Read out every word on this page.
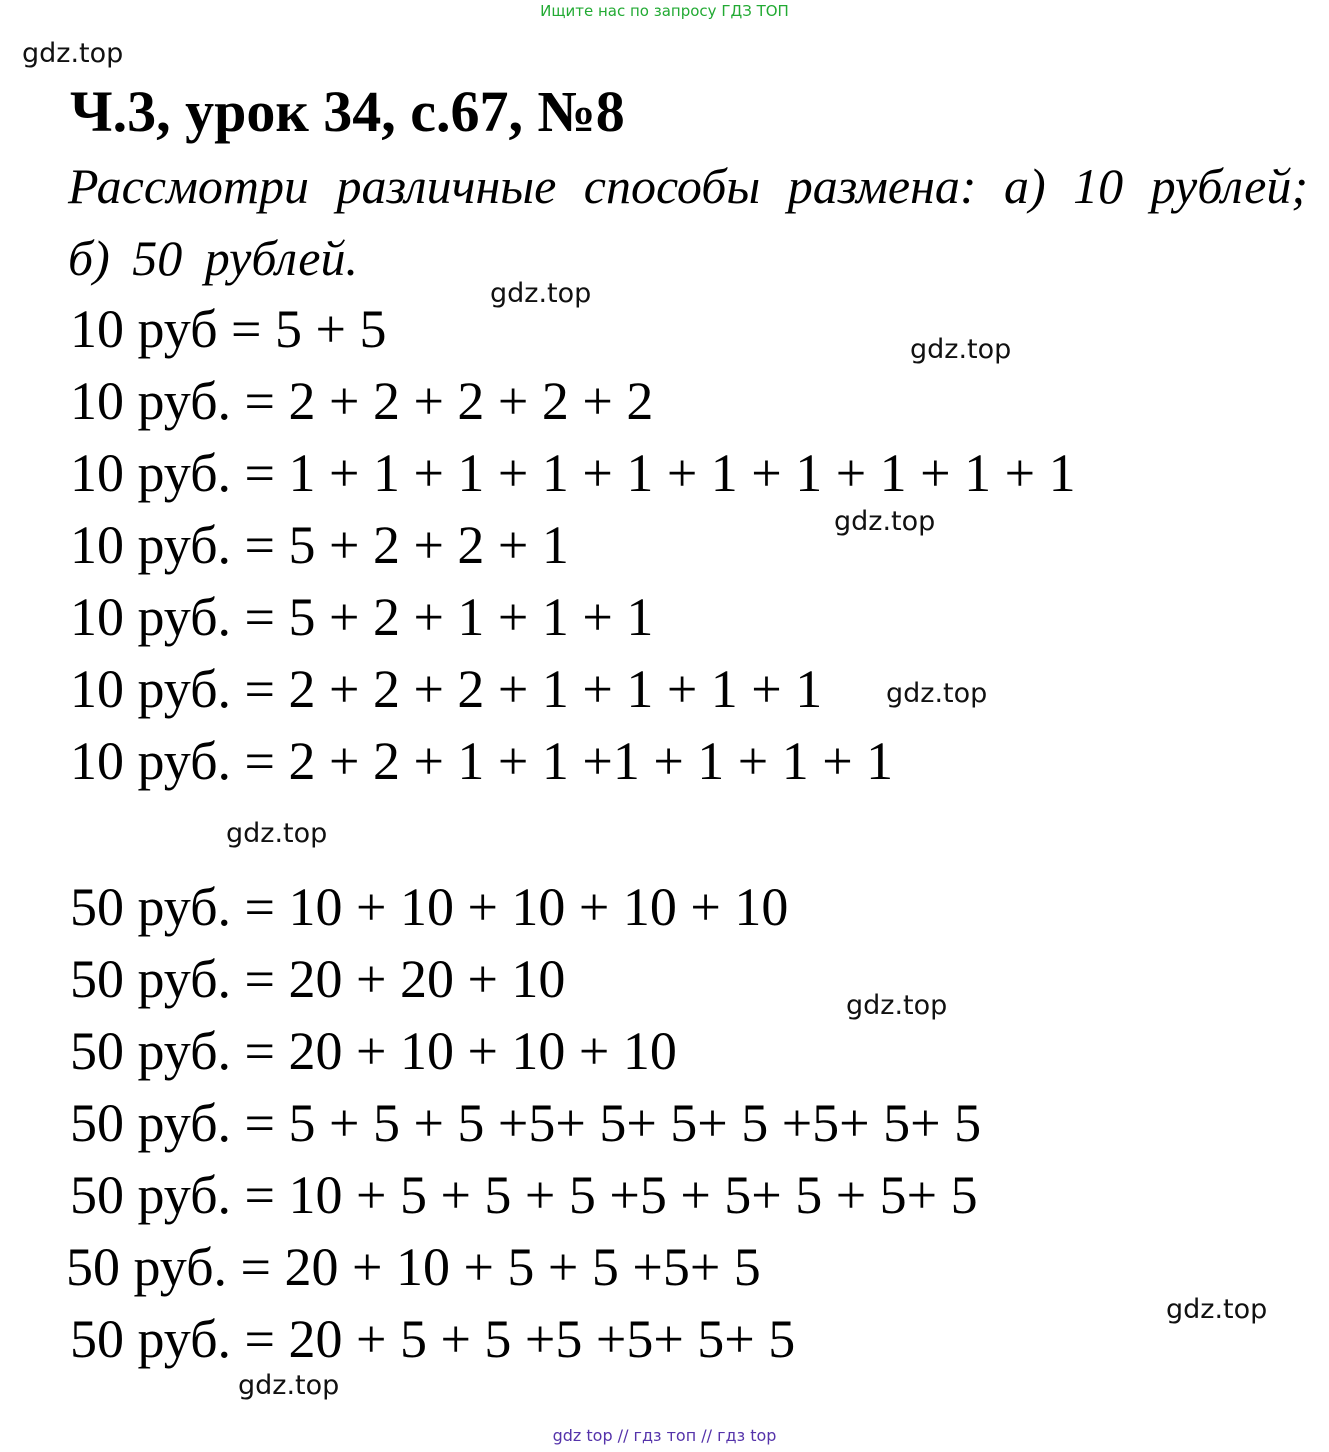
Ищите нас по запросу ГДЗ ТОП
gdz.top
Ч.3, урок 34, с.67, №8
Рассмотри различные способы размена: а) 10 рублей; б) 50 рублей.
gdz.top
gdz.top
10 руб = 5 + 5
10 руб. = 2 + 2 + 2 + 2 + 2
10 руб. = 1 + 1 + 1 + 1 + 1 + 1 + 1 + 1 + 1 + 1
gdz.top
10 руб. = 5 + 2 + 2 + 1
10 руб. = 5 + 2 + 1 + 1 + 1
10 руб. = 2 + 2 + 2 + 1 + 1 + 1 + 1 gdz.top
10 руб. = 2 + 2 + 1 + 1 +1 + 1 + 1 + 1
gdz.top
50 руб. = 10 + 10 + 10 + 10 + 10
50 руб. = 20 + 20 + 10	gdz.top
50 руб. = 20 + 10 + 10 + 10
50 руб. = 5 + 5 + 5 +5+ 5+ 5+ 5 +5+ 5+ 5
50 руб. = 10 + 5 + 5 + 5 +5 + 5+ 5 + 5+ 5
50 руб. = 20 + 10 + 5 + 5 +5+ 5
gdz.top
50 руб. = 20 + 5 + 5 +5 +5+ 5+ 5
gdz.top
gdz top // гдз топ // гдз top
